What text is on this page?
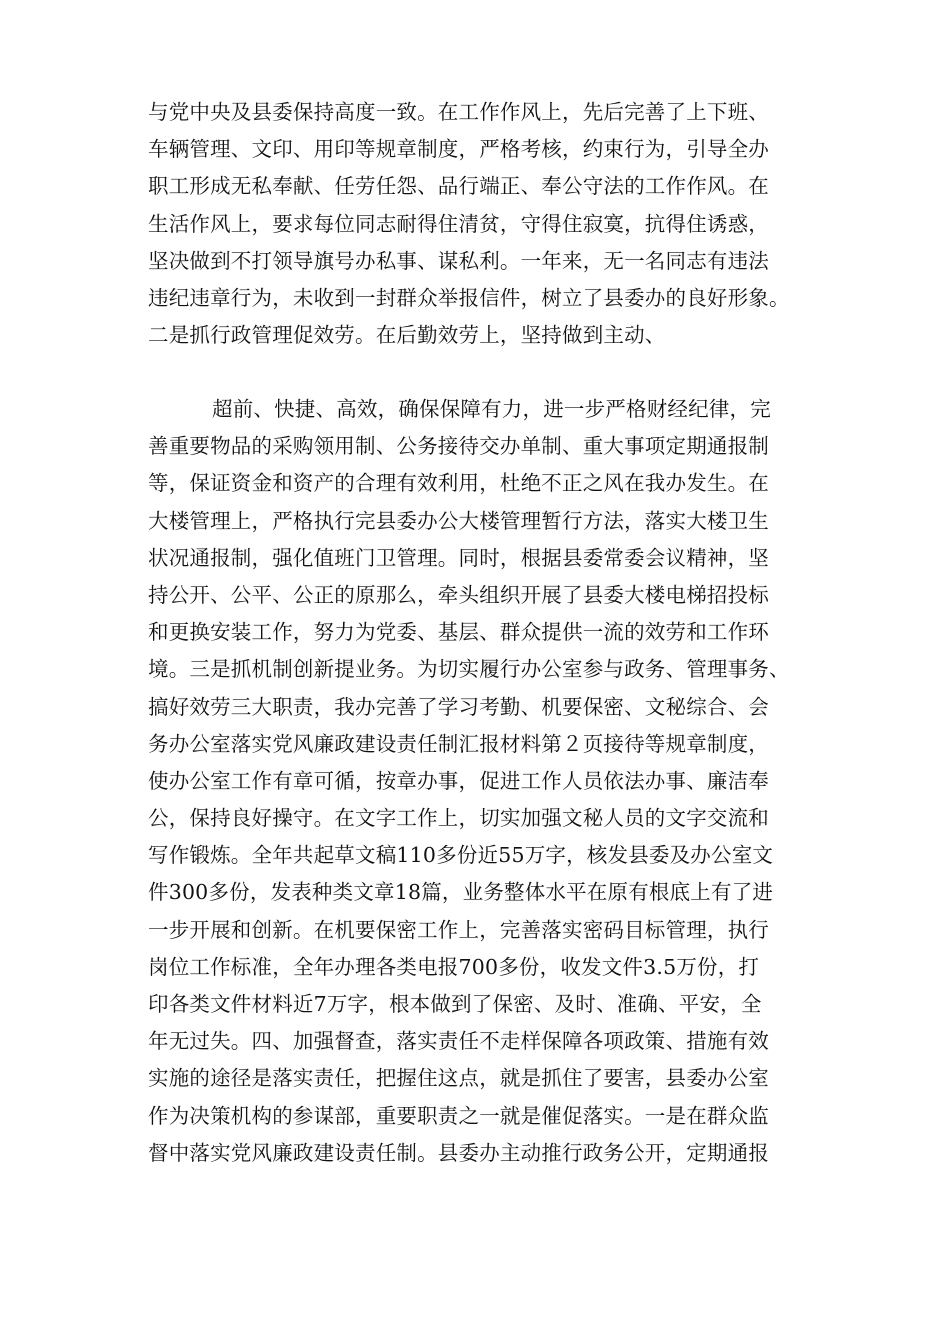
与党中央及县委保持高度一致。在工作作风上，先后完善了上下班、
车辆管理、文印、用印等规章制度，严格考核，约束行为，引导全办
职工形成无私奉献、任劳任怨、品行端正、奉公守法的工作作风。在
生活作风上，要求每位同志耐得住清贫，守得住寂寞，抗得住诱惑，
坚决做到不打领导旗号办私事、谋私利。一年来，无一名同志有违法
违纪违章行为，未收到一封群众举报信件，树立了县委办的良好形象。
二是抓行政管理促效劳。在后勤效劳上，坚持做到主动、
超前、快捷、高效，确保保障有力，进一步严格财经纪律，完
善重要物品的采购领用制、公务接待交办单制、重大事项定期通报制
等，保证资金和资产的合理有效利用，杜绝不正之风在我办发生。在
大楼管理上，严格执行完县委办公大楼管理暂行方法，落实大楼卫生
状况通报制，强化值班门卫管理。同时，根据县委常委会议精神，坚
持公开、公平、公正的原那么，牵头组织开展了县委大楼电梯招投标
和更换安装工作，努力为党委、基层、群众提供一流的效劳和工作环
境。三是抓机制创新提业务。为切实履行办公室参与政务、管理事务、
搞好效劳三大职责，我办完善了学习考勤、机要保密、文秘综合、会
务办公室落实党风廉政建设责任制汇报材料第２页接待等规章制度，
使办公室工作有章可循，按章办事，促进工作人员依法办事、廉洁奉
公，保持良好操守。在文字工作上，切实加强文秘人员的文字交流和
写作锻炼。全年共起草文稿110多份近55万字，核发县委及办公室文
件300多份，发表种类文章18篇，业务整体水平在原有根底上有了进
一步开展和创新。在机要保密工作上，完善落实密码目标管理，执行
岗位工作标准，全年办理各类电报700多份，收发文件3.5万份，打
印各类文件材料近7万字，根本做到了保密、及时、准确、平安，全
年无过失。四、加强督查，落实责任不走样保障各项政策、措施有效
实施的途径是落实责任，把握住这点，就是抓住了要害，县委办公室
作为决策机构的参谋部，重要职责之一就是催促落实。一是在群众监
督中落实党风廉政建设责任制。县委办主动推行政务公开，定期通报
